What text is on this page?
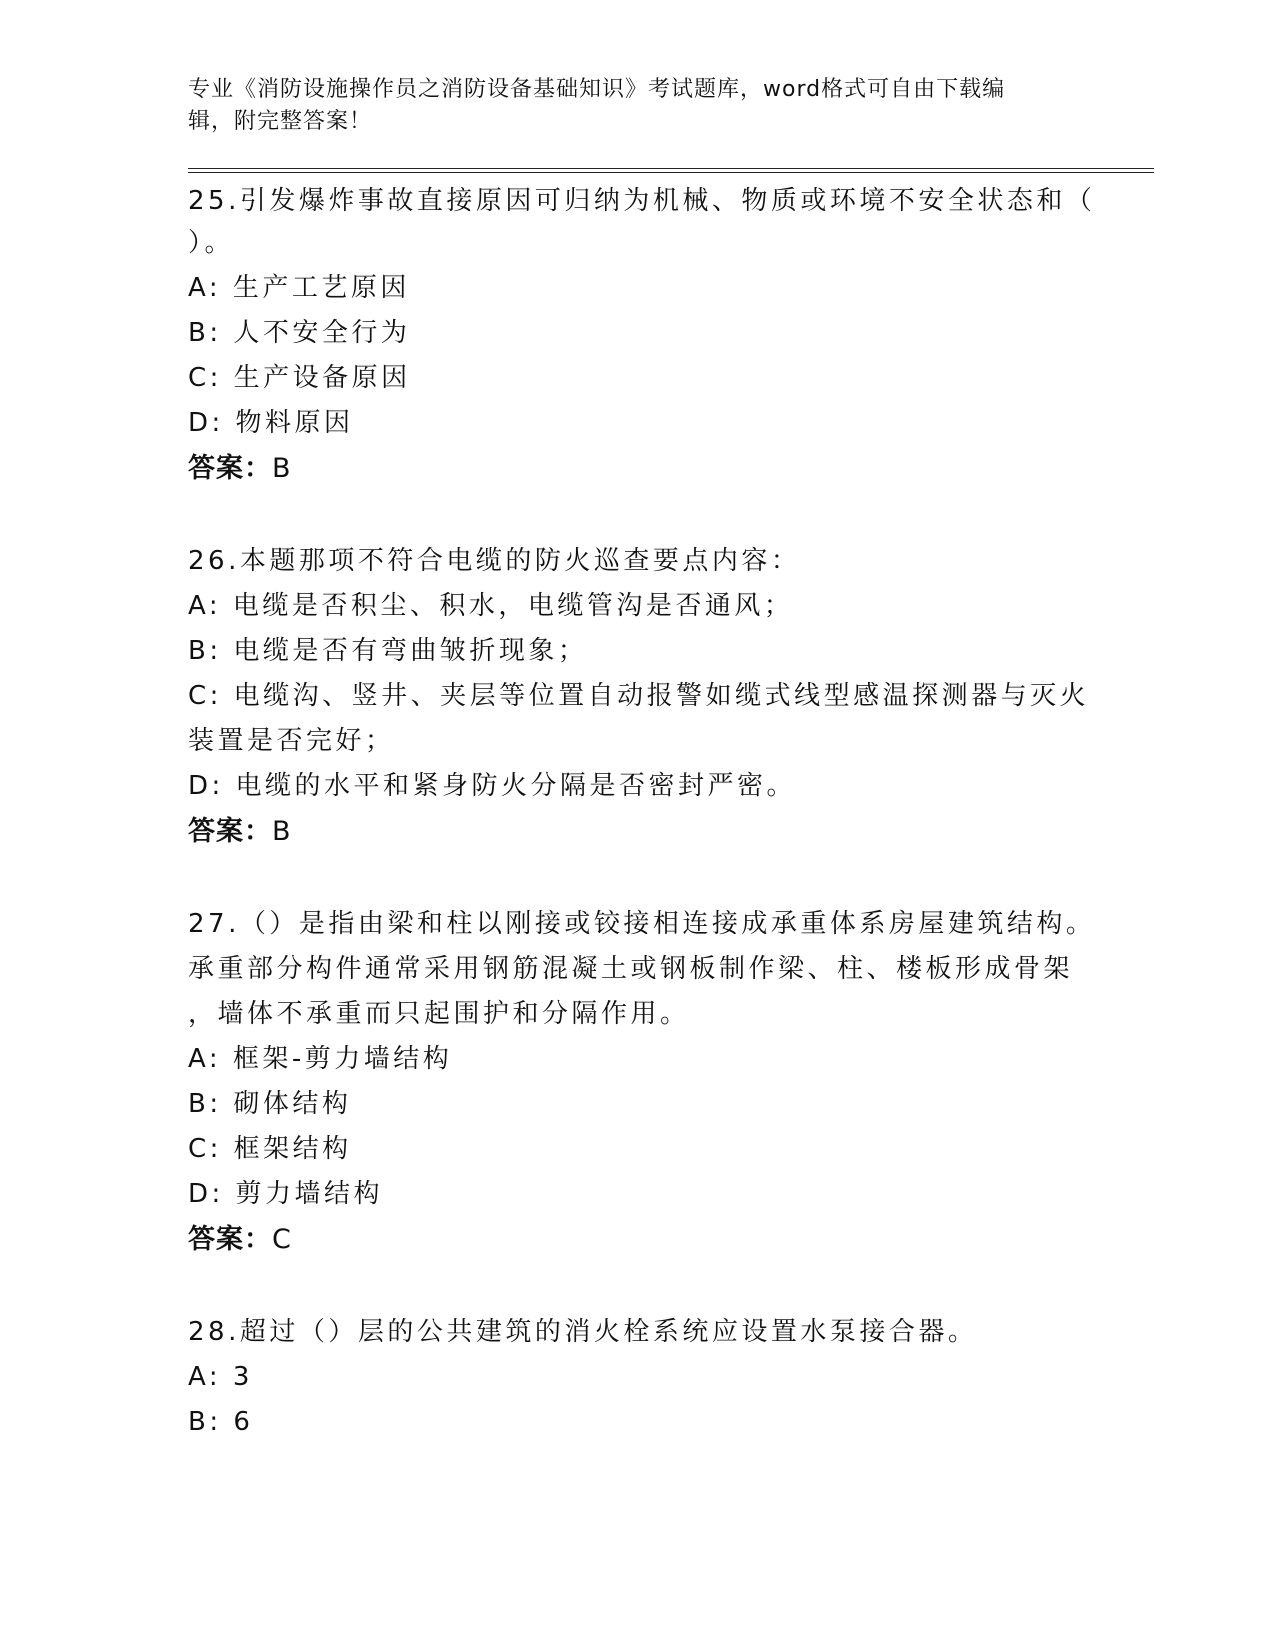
专业《消防设施操作员之消防设备基础知识》考试题库，word格式可自由下载编
辑，附完整答案！
25.引发爆炸事故直接原因可归纳为机械、物质或环境不安全状态和（
）。
A: 生产工艺原因
B: 人不安全行为
C: 生产设备原因
D: 物料原因
答案：B
26.本题那项不符合电缆的防火巡查要点内容：
A: 电缆是否积尘、积水，电缆管沟是否通风；
B: 电缆是否有弯曲皱折现象；
C: 电缆沟、竖井、夹层等位置自动报警如缆式线型感温探测器与灭火
装置是否完好；
D: 电缆的水平和紧身防火分隔是否密封严密。
答案：B
27.（）是指由梁和柱以刚接或铰接相连接成承重体系房屋建筑结构。
承重部分构件通常采用钢筋混凝土或钢板制作梁、柱、楼板形成骨架
，墙体不承重而只起围护和分隔作用。
A: 框架-剪力墙结构
B: 砌体结构
C: 框架结构
D: 剪力墙结构
答案：C
28.超过（）层的公共建筑的消火栓系统应设置水泵接合器。
A: 3
B: 6
